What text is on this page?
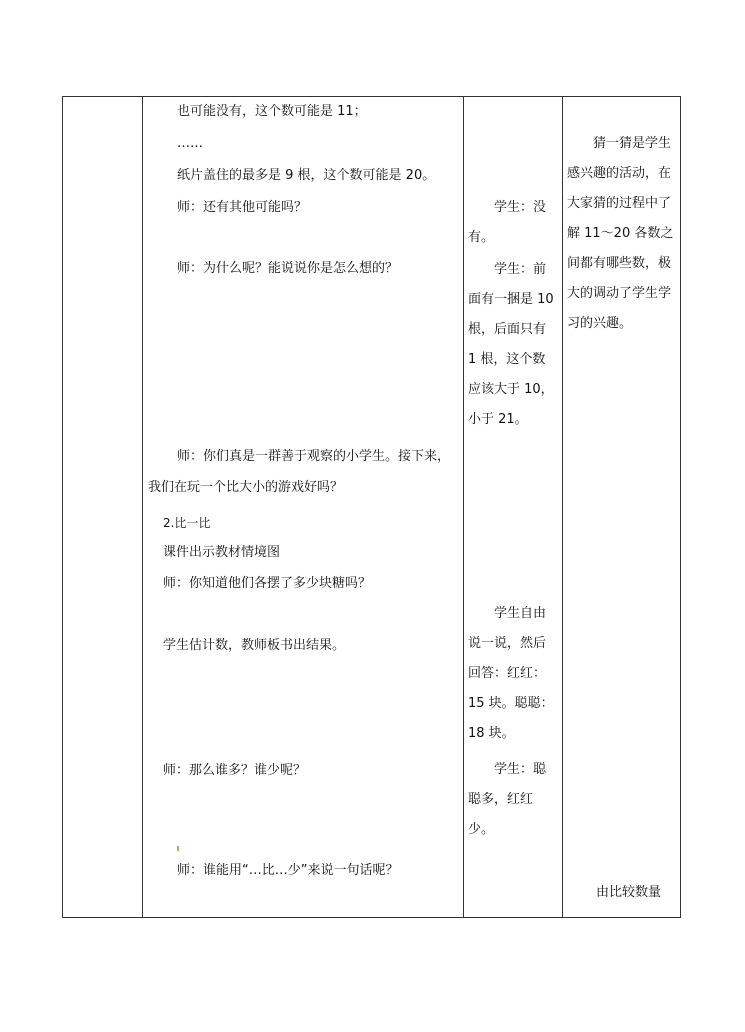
也可能没有，这个数可能是 11；
……
纸片盖住的最多是 9 根，这个数可能是 20。
师：还有其他可能吗？
师：为什么呢？能说说你是怎么想的？
师：你们真是一群善于观察的小学生。接下来，
我们在玩一个比大小的游戏好吗？
2.比一比
课件出示教材情境图
师：你知道他们各摆了多少块糖吗？
学生估计数，教师板书出结果。
师：那么谁多？谁少呢？
师：谁能用“…比…少”来说一句话呢？
学生：没有。
学生：前面有一捆是 10 根，后面只有 1 根，这个数应该大于 10，小于 21。
学生自由说一说，然后回答：红红：15 块。聪聪：18 块。
学生：聪聪多，红红少。
猜一猜是学生感兴趣的活动，在大家猜的过程中了解 11～20 各数之间都有哪些数，极大的调动了学生学习的兴趣。
由比较数量
